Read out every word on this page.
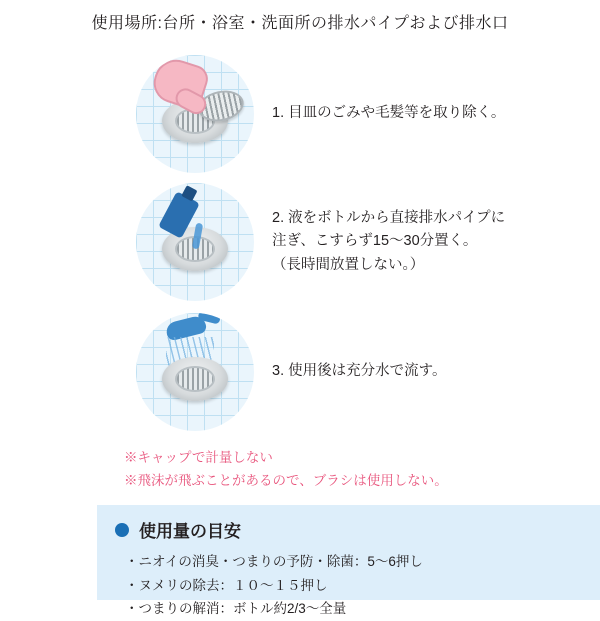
使用場所:台所・浴室・洗面所の排水パイプおよび排水口
1. 目皿のごみや毛髪等を取り除く。
2. 液をボトルから直接排水パイプに
注ぎ、こすらず15〜30分置く。
（長時間放置しない。）
3. 使用後は充分水で流す。
※キャップで計量しない
※飛沫が飛ぶことがあるので、ブラシは使用しない。
使用量の目安
・ ニオイの消臭・つまりの予防・除菌：5〜6押し
・ ヌメリの除去：１０〜１５押し
・ つまりの解消：ボトル約2/3〜全量
